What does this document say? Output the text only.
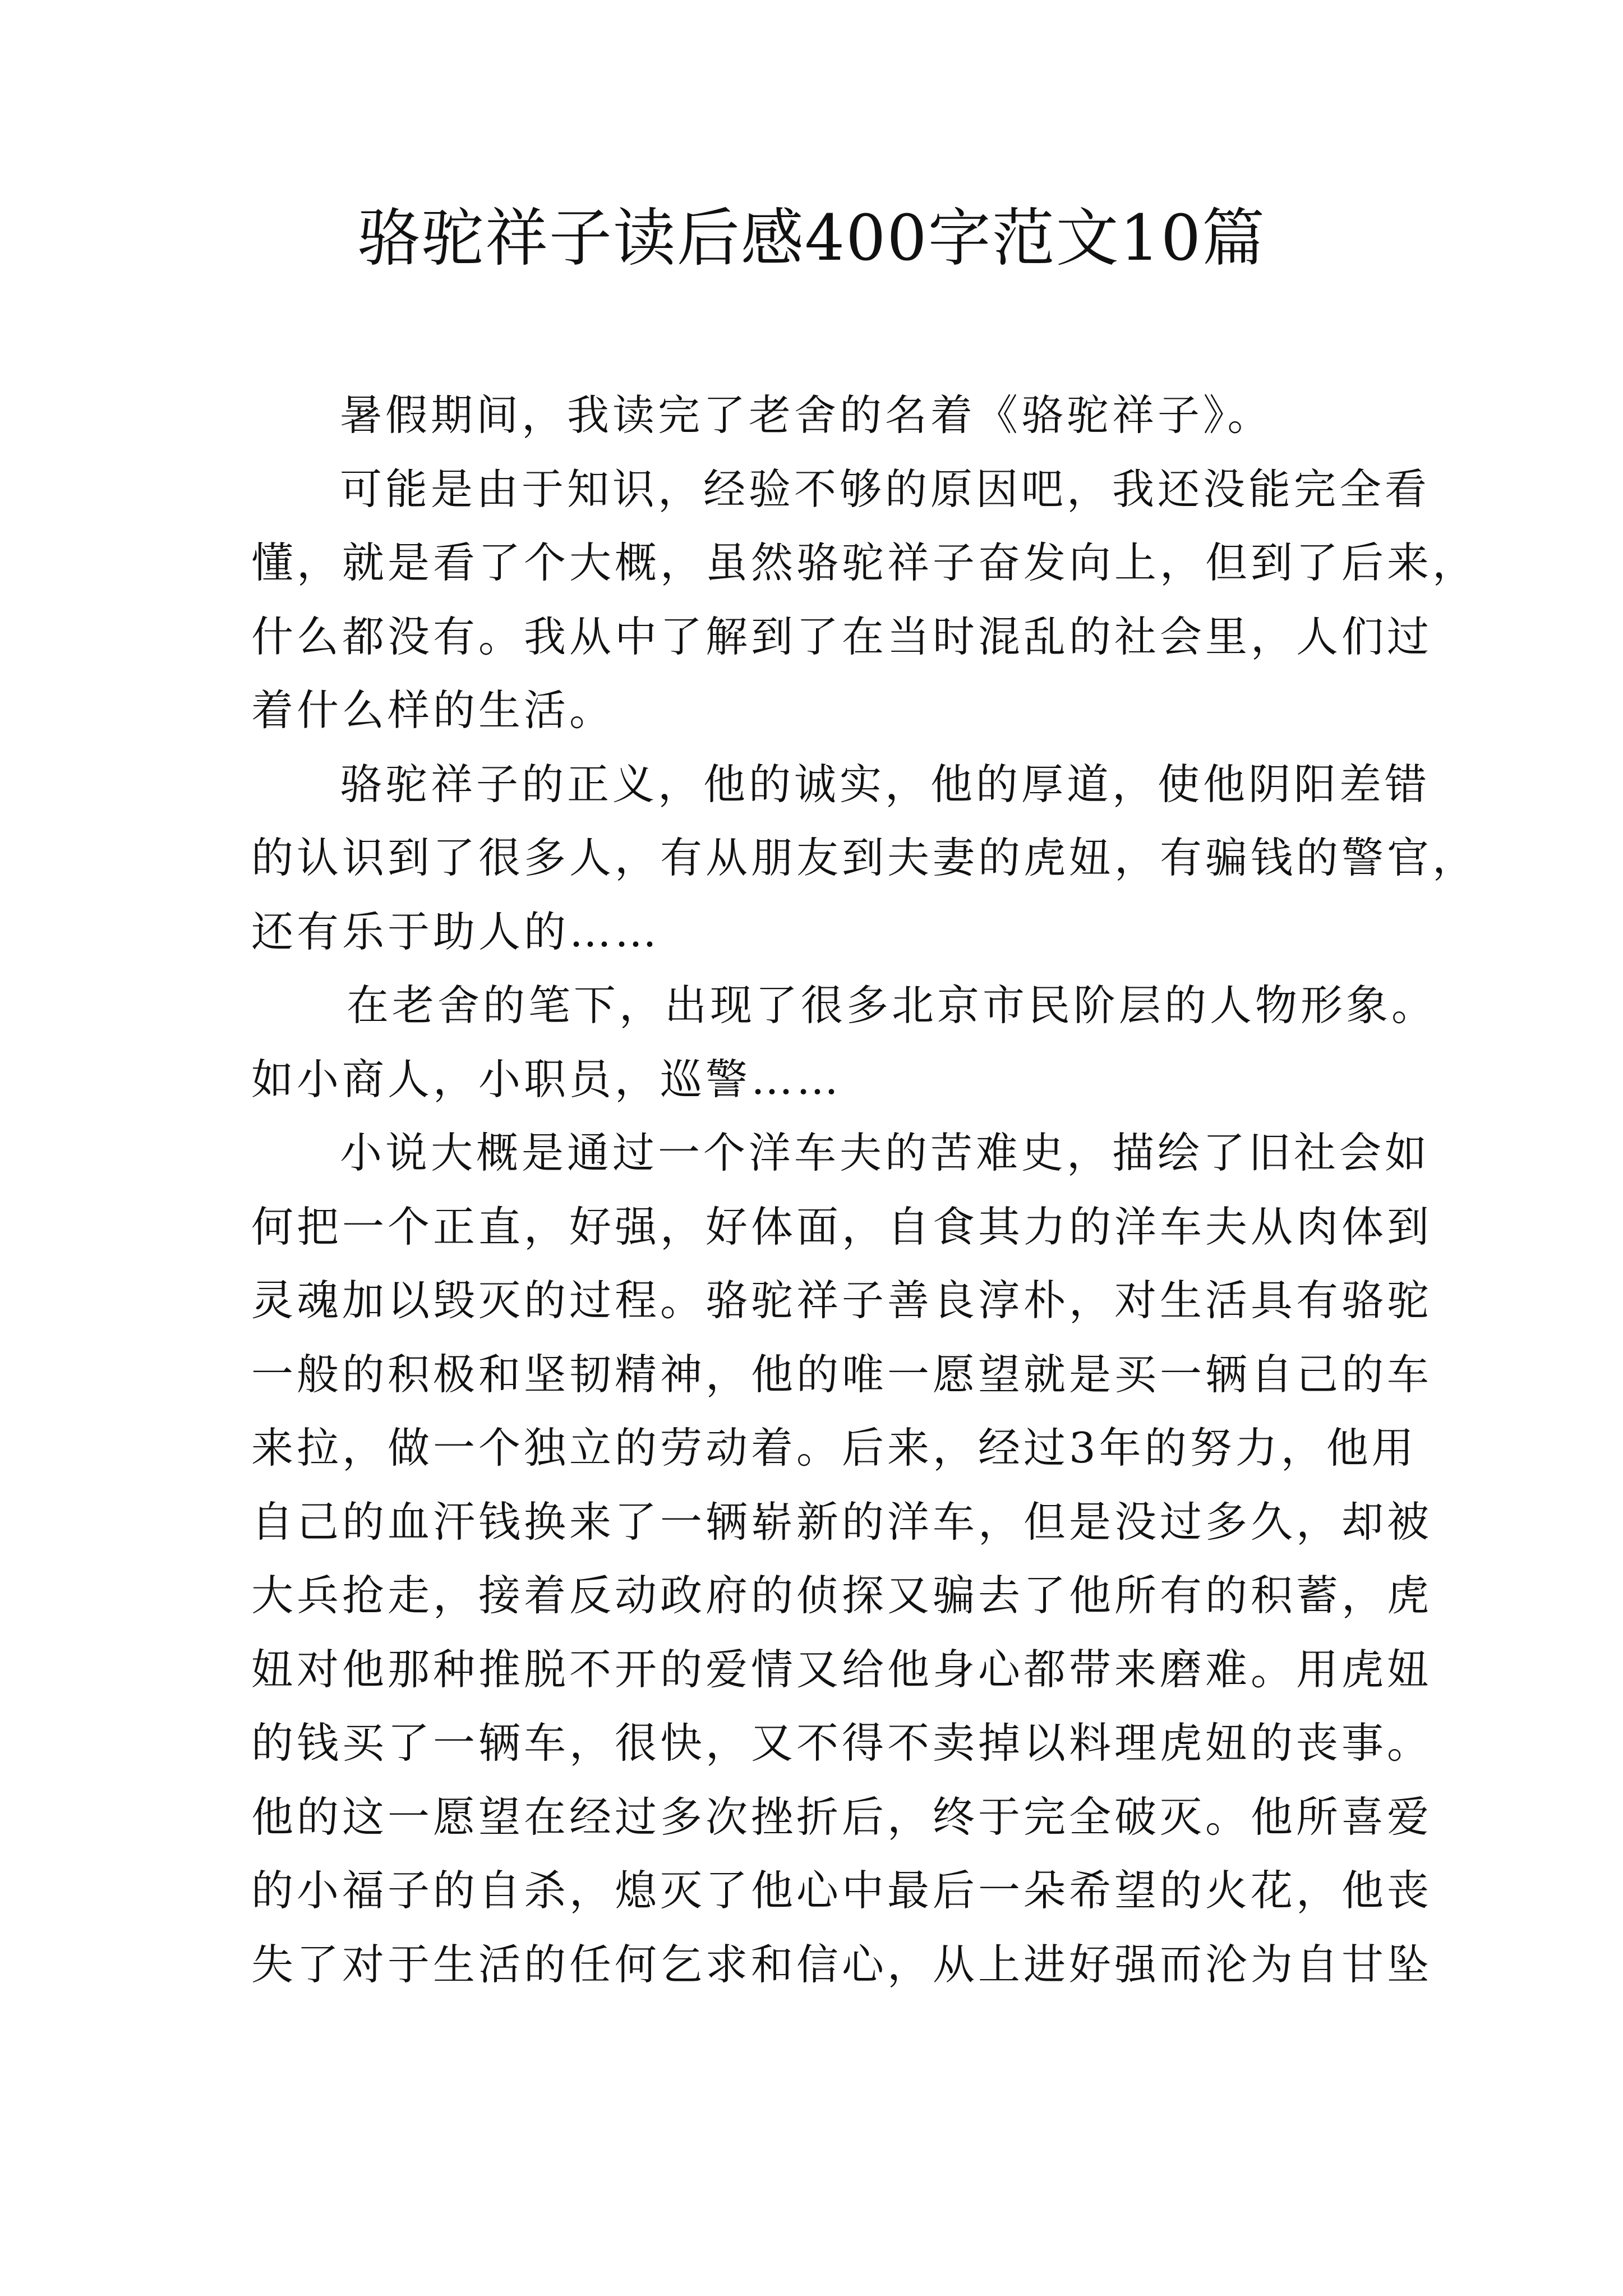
骆驼祥子读后感400字范文10篇
暑假期间，我读完了老舍的名着《骆驼祥子》。
可能是由于知识，经验不够的原因吧，我还没能完全看
懂，就是看了个大概，虽然骆驼祥子奋发向上，但到了后来，
什么都没有。我从中了解到了在当时混乱的社会里，人们过
着什么样的生活。
骆驼祥子的正义，他的诚实，他的厚道，使他阴阳差错
的认识到了很多人，有从朋友到夫妻的虎妞，有骗钱的警官，
还有乐于助人的……
在老舍的笔下，出现了很多北京市民阶层的人物形象。
如小商人，小职员，巡警……
小说大概是通过一个洋车夫的苦难史，描绘了旧社会如
何把一个正直，好强，好体面，自食其力的洋车夫从肉体到
灵魂加以毁灭的过程。骆驼祥子善良淳朴，对生活具有骆驼
一般的积极和坚韧精神，他的唯一愿望就是买一辆自己的车
来拉，做一个独立的劳动着。后来，经过3年的努力，他用
自己的血汗钱换来了一辆崭新的洋车，但是没过多久，却被
大兵抢走，接着反动政府的侦探又骗去了他所有的积蓄，虎
妞对他那种推脱不开的爱情又给他身心都带来磨难。用虎妞
的钱买了一辆车，很快，又不得不卖掉以料理虎妞的丧事。
他的这一愿望在经过多次挫折后，终于完全破灭。他所喜爱
的小福子的自杀，熄灭了他心中最后一朵希望的火花，他丧
失了对于生活的任何乞求和信心，从上进好强而沦为自甘坠
